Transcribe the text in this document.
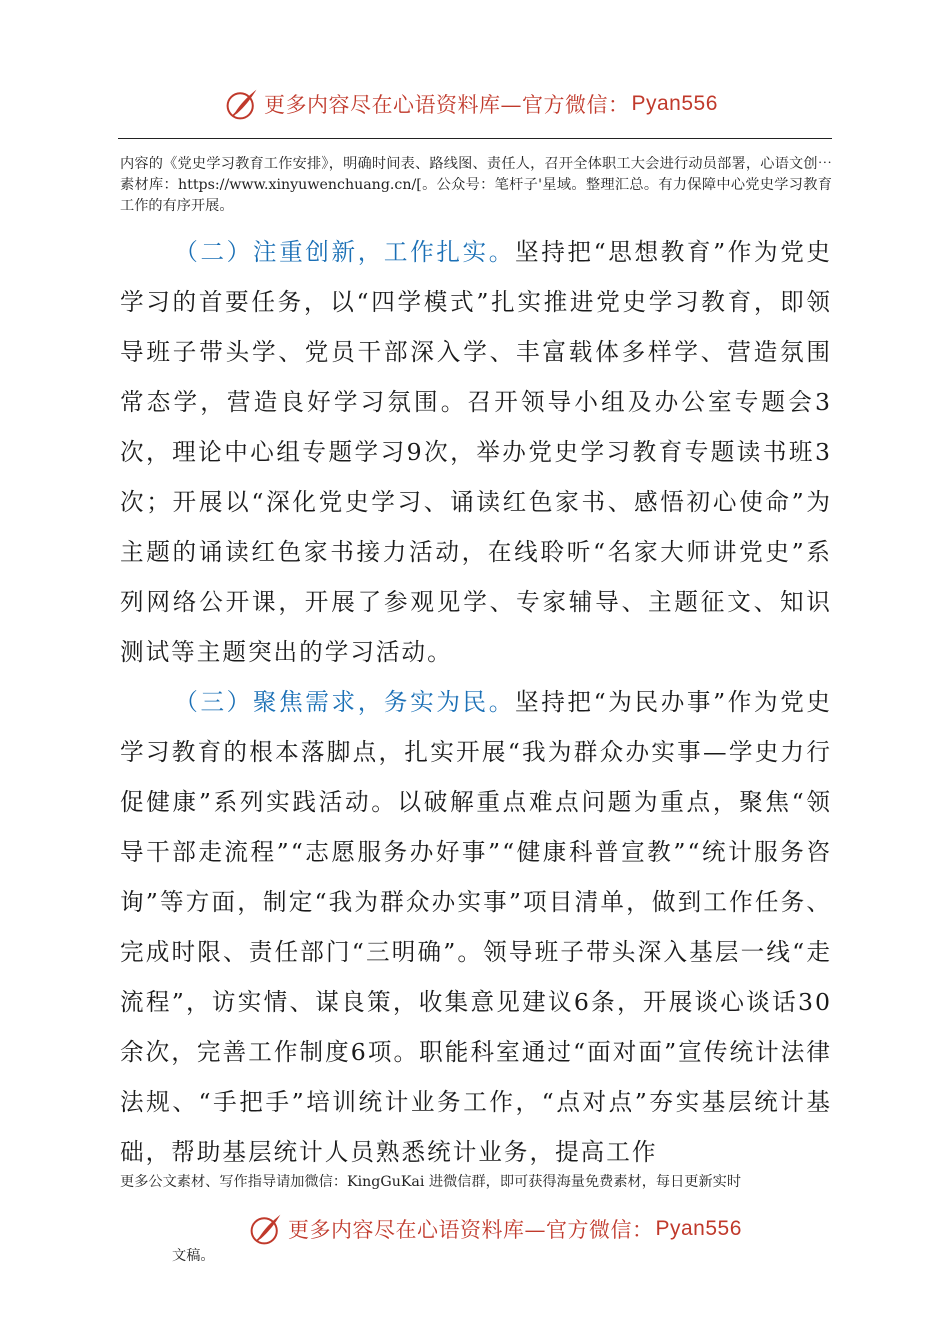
更多内容尽在心语资料库—官方微信： Pyan556
内容的《党史学习教育工作安排》，明确时间表、路线图、责任人，召开全体职工大会进行动员部署，心语文创⋯素材库：https://www.xinyuwenchuang.cn/[。公众号：笔杆子'星域。整理汇总。有力保障中心党史学习教育工作的有序开展。

（二）注重创新，工作扎实。坚持把“思想教育”作为党史学习的首要任务，以“四学模式”扎实推进党史学习教育，即领导班子带头学、党员干部深入学、丰富载体多样学、营造氛围常态学，营造良好学习氛围。召开领导小组及办公室专题会3次，理论中心组专题学习9次，举办党史学习教育专题读书班3次；开展以“深化党史学习、诵读红色家书、感悟初心使命”为主题的诵读红色家书接力活动，在线聆听“名家大师讲党史”系列网络公开课，开展了参观见学、专家辅导、主题征文、知识测试等主题突出的学习活动。

（三）聚焦需求，务实为民。坚持把“为民办事”作为党史学习教育的根本落脚点，扎实开展“我为群众办实事—学史力行促健康”系列实践活动。以破解重点难点问题为重点，聚焦“领导干部走流程”“志愿服务办好事”“健康科普宣教”“统计服务咨询”等方面，制定“我为群众办实事”项目清单，做到工作任务、完成时限、责任部门“三明确”。领导班子带头深入基层一线“走流程”，访实情、谋良策，收集意见建议6条，开展谈心谈话30余次，完善工作制度6项。职能科室通过“面对面”宣传统计法律法规、“手把手”培训统计业务工作，“点对点”夯实基层统计基础，帮助基层统计人员熟悉统计业务，提高工作

更多公文素材、写作指导请加微信：KingGuKai 进微信群，即可获得海量免费素材，每日更新实时
更多内容尽在心语资料库—官方微信： Pyan556
文稿。
